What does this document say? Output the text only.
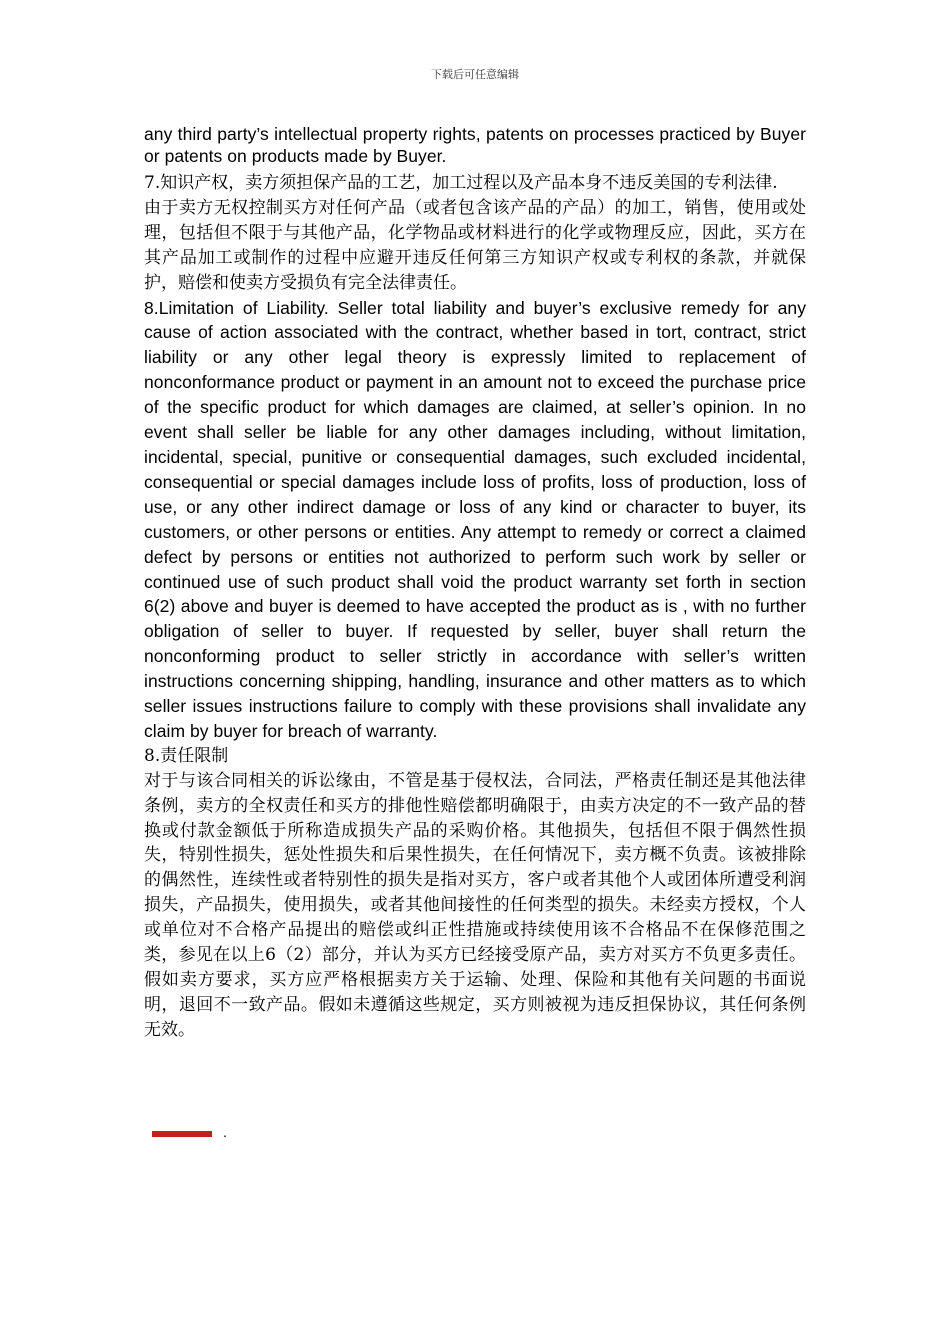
下载后可任意编辑

any third party’s intellectual property rights, patents on processes practiced by Buyer or patents on products made by Buyer.

7.知识产权，卖方须担保产品的工艺，加工过程以及产品本身不违反美国的专利法律.

由于卖方无权控制买方对任何产品（或者包含该产品的产品）的加工，销售，使用或处理，包括但不限于与其他产品，化学物品或材料进行的化学或物理反应，因此，买方在其产品加工或制作的过程中应避开违反任何第三方知识产权或专利权的条款，并就保护，赔偿和使卖方受损负有完全法律责任。

8.Limitation of Liability. Seller total liability and buyer’s exclusive remedy for any cause of action associated with the contract, whether based in tort, contract, strict liability or any other legal theory is expressly limited to replacement of nonconformance product or payment in an amount not to exceed the purchase price of the specific product for which damages are claimed, at seller’s opinion. In no event shall seller be liable for any other damages including, without limitation, incidental, special, punitive or consequential damages, such excluded incidental, consequential or special damages include loss of profits, loss of production, loss of use, or any other indirect damage or loss of any kind or character to buyer, its customers, or other persons or entities. Any attempt to remedy or correct a claimed defect by persons or entities not authorized to perform such work by seller or continued use of such product shall void the product warranty set forth in section 6(2) above and buyer is deemed to have accepted the product as is , with no further obligation of seller to buyer. If requested by seller, buyer shall return the nonconforming product to seller strictly in accordance with seller’s written instructions concerning shipping, handling, insurance and other matters as to which seller issues instructions failure to comply with these provisions shall invalidate any claim by buyer for breach of warranty.

8.责任限制

对于与该合同相关的诉讼缘由，不管是基于侵权法，合同法，严格责任制还是其他法律条例，卖方的全权责任和买方的排他性赔偿都明确限于，由卖方决定的不一致产品的替换或付款金额低于所称造成损失产品的采购价格。其他损失，包括但不限于偶然性损失，特别性损失，惩处性损失和后果性损失，在任何情况下，卖方概不负责。该被排除的偶然性，连续性或者特别性的损失是指对买方，客户或者其他个人或团体所遭受利润损失，产品损失，使用损失，或者其他间接性的任何类型的损失。未经卖方授权，个人或单位对不合格产品提出的赔偿或纠正性措施或持续使用该不合格品不在保修范围之类，参见在以上6（2）部分，并认为买方已经接受原产品，卖方对买方不负更多责任。假如卖方要求，买方应严格根据卖方关于运输、处理、保险和其他有关问题的书面说明，退回不一致产品。假如未遵循这些规定，买方则被视为违反担保协议，其任何条例无效。

.
